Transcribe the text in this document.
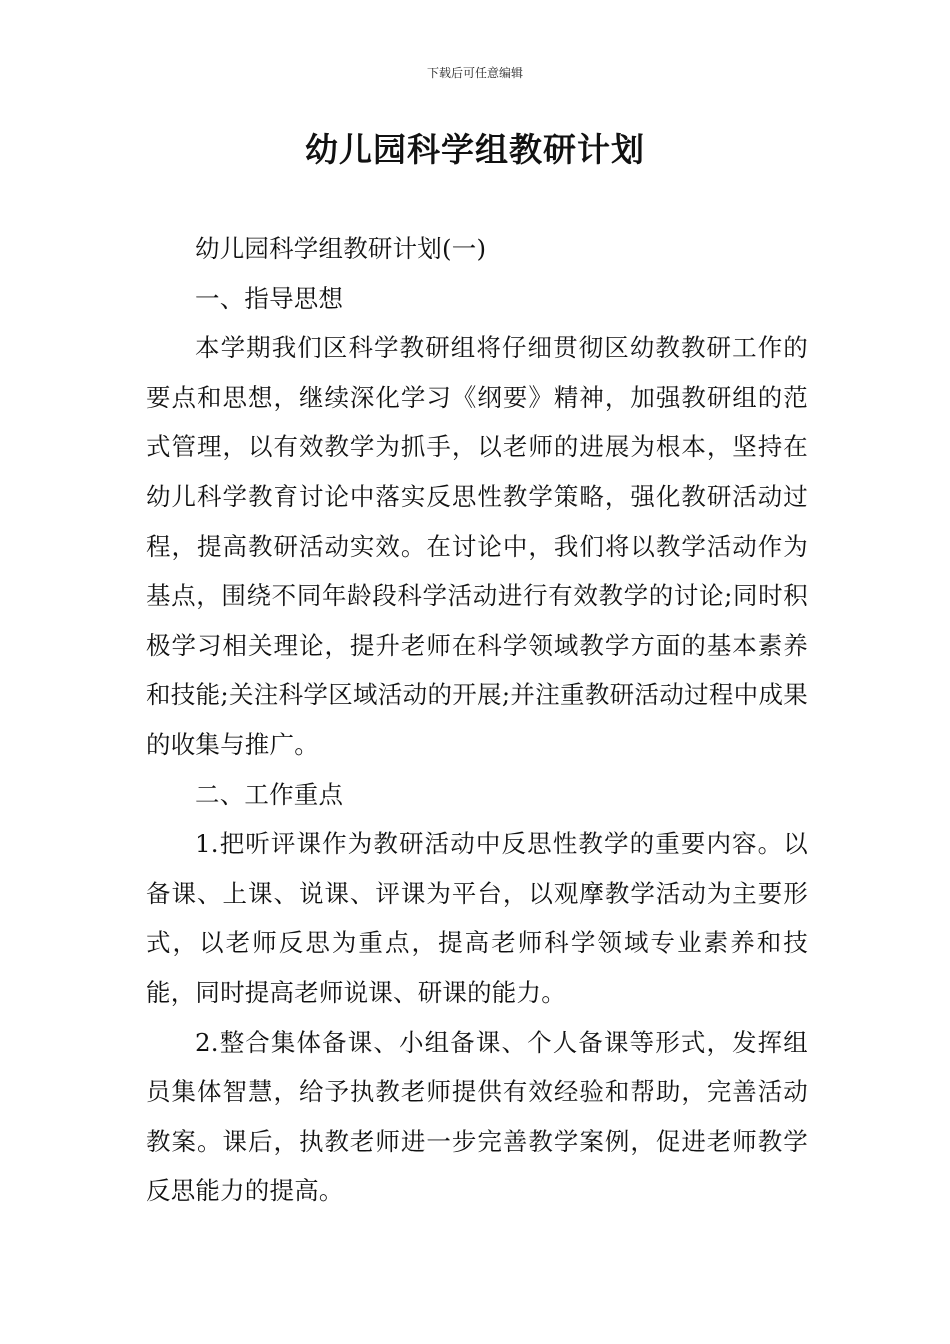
下载后可任意编辑
幼儿园科学组教研计划

幼儿园科学组教研计划(一)

一、指导思想

本学期我们区科学教研组将仔细贯彻区幼教教研工作的要点和思想，继续深化学习《纲要》精神，加强教研组的范式管理，以有效教学为抓手，以老师的进展为根本，坚持在幼儿科学教育讨论中落实反思性教学策略，强化教研活动过程，提高教研活动实效。在讨论中，我们将以教学活动作为基点，围绕不同年龄段科学活动进行有效教学的讨论;同时积极学习相关理论，提升老师在科学领域教学方面的基本素养和技能;关注科学区域活动的开展;并注重教研活动过程中成果的收集与推广。

二、工作重点

1.把听评课作为教研活动中反思性教学的重要内容。以备课、上课、说课、评课为平台，以观摩教学活动为主要形式，以老师反思为重点，提高老师科学领域专业素养和技能，同时提高老师说课、研课的能力。

2.整合集体备课、小组备课、个人备课等形式，发挥组员集体智慧，给予执教老师提供有效经验和帮助，完善活动教案。课后，执教老师进一步完善教学案例，促进老师教学反思能力的提高。
